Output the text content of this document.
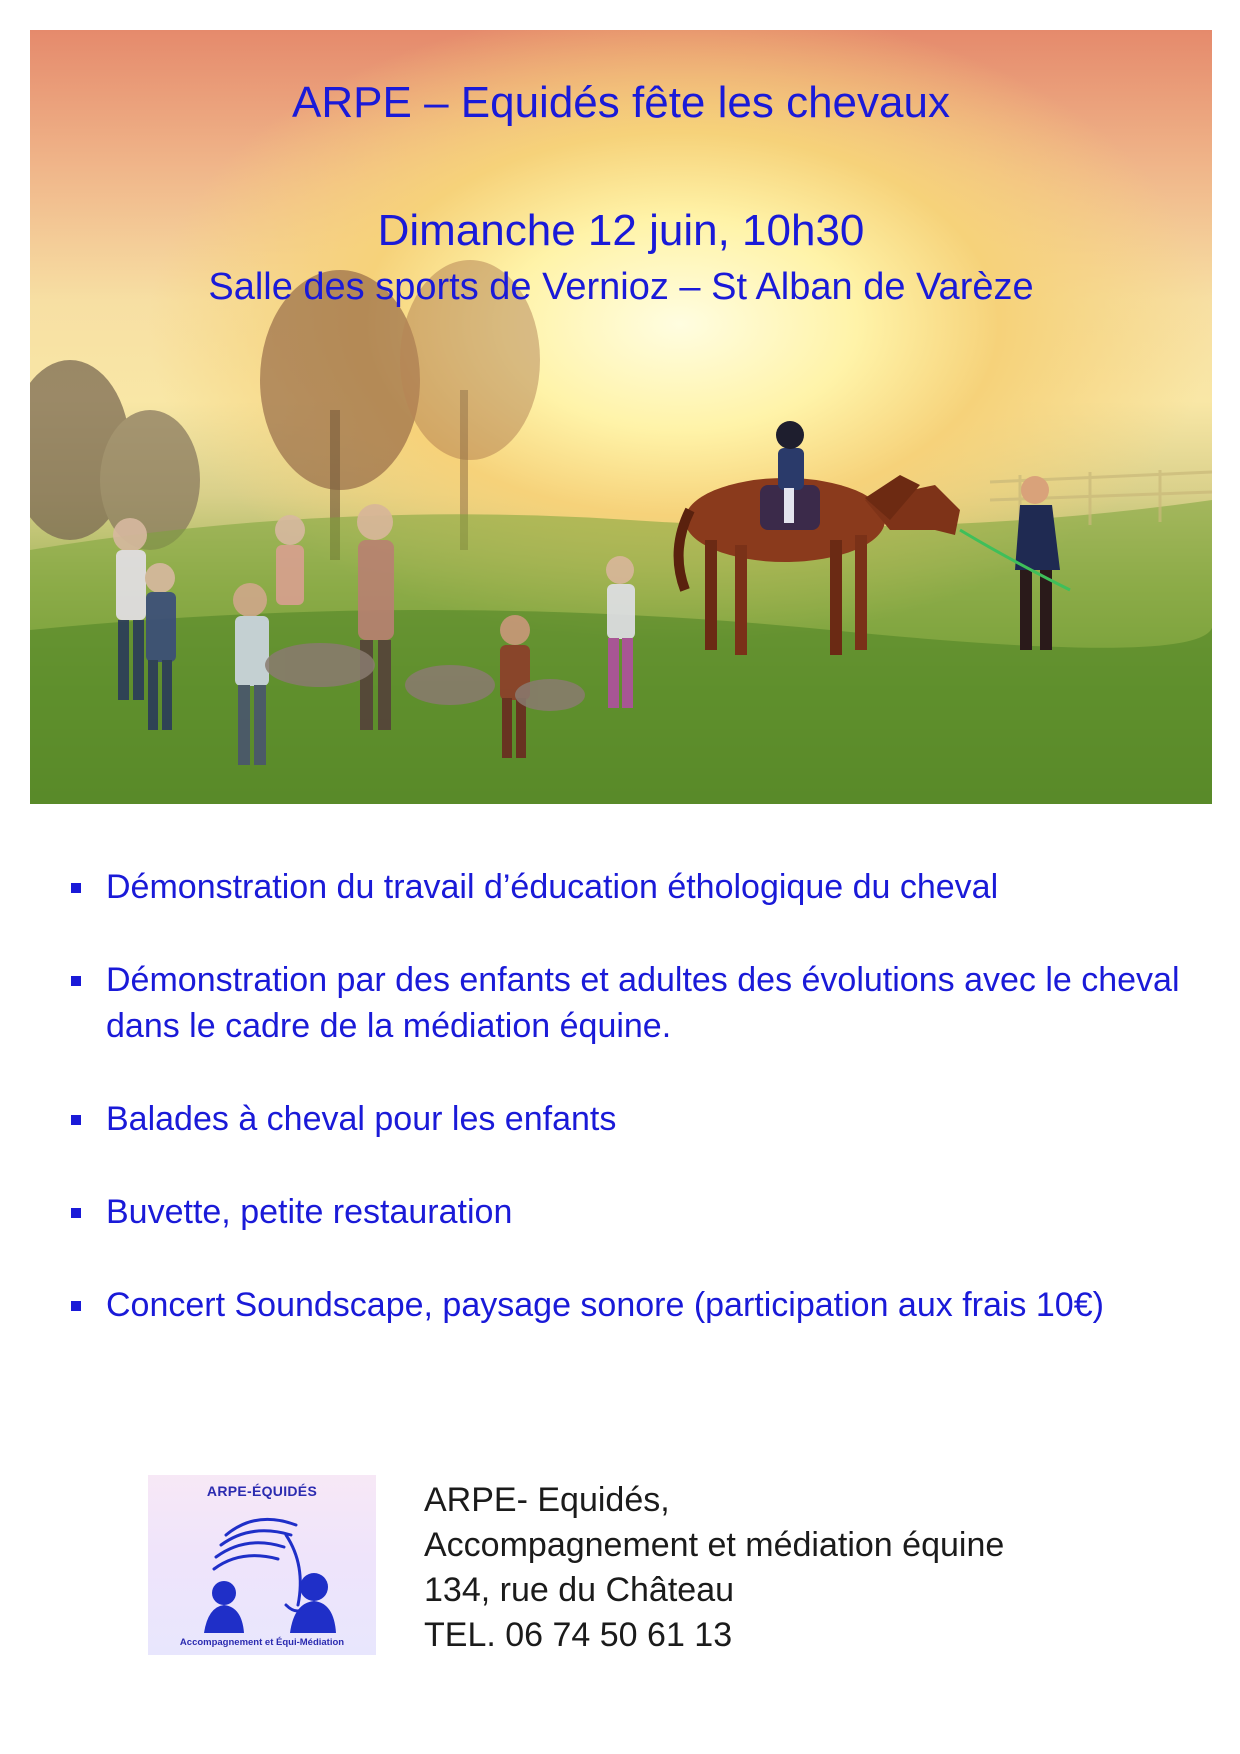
ARPE – Equidés fête les chevaux
Dimanche 12 juin, 10h30
Salle des sports de Vernioz – St Alban de Varèze
Démonstration du travail d’éducation éthologique du cheval
Démonstration par des enfants et adultes des évolutions avec le cheval dans le cadre de la médiation équine.
Balades à cheval pour les enfants
Buvette, petite restauration
Concert Soundscape, paysage sonore (participation aux frais 10€)
ARPE-ÉQUIDÉS
Accompagnement et Équi-Médiation
ARPE- Equidés,
Accompagnement et médiation équine
134, rue du Château
TEL. 06 74 50 61 13
